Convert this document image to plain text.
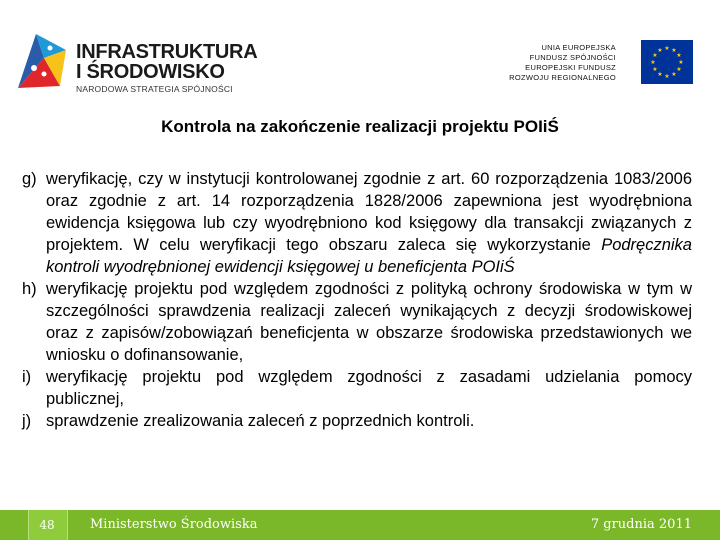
INFRASTRUKTURA
I ŚRODOWISKO
NARODOWA STRATEGIA SPÓJNOŚCI
UNIA EUROPEJSKA
FUNDUSZ SPÓJNOŚCI
EUROPEJSKI FUNDUSZ
ROZWOJU REGIONALNEGO
★ ★
★
★
★
★
★
★
★
★
★
★
Kontrola na zakończenie realizacji projektu POIiŚ
g) weryfikację, czy w instytucji kontrolowanej zgodnie z art. 60 rozporządzenia 1083/2006 oraz zgodnie z art. 14 rozporządzenia 1828/2006 zapewniona jest wyodrębniona ewidencja księgowa lub czy wyodrębniono kod księgowy dla transakcji związanych z projektem. W celu weryfikacji tego obszaru zaleca się wykorzystanie Podręcznika kontroli wyodrębnionej ewidencji księgowej u beneficjenta POIiŚ

h) weryfikację projektu pod względem zgodności z polityką ochrony środowiska w tym w szczególności sprawdzenia realizacji zaleceń wynikających z decyzji środowiskowej oraz z zapisów/zobowiązań beneficjenta w obszarze środowiska przedstawionych we wniosku o dofinansowanie,

i) weryfikację projektu pod względem zgodności z zasadami udzielania pomocy publicznej,

j) sprawdzenie zrealizowania zaleceń z poprzednich kontroli.

48	Ministerstwo Środowiska	7 grudnia 2011
